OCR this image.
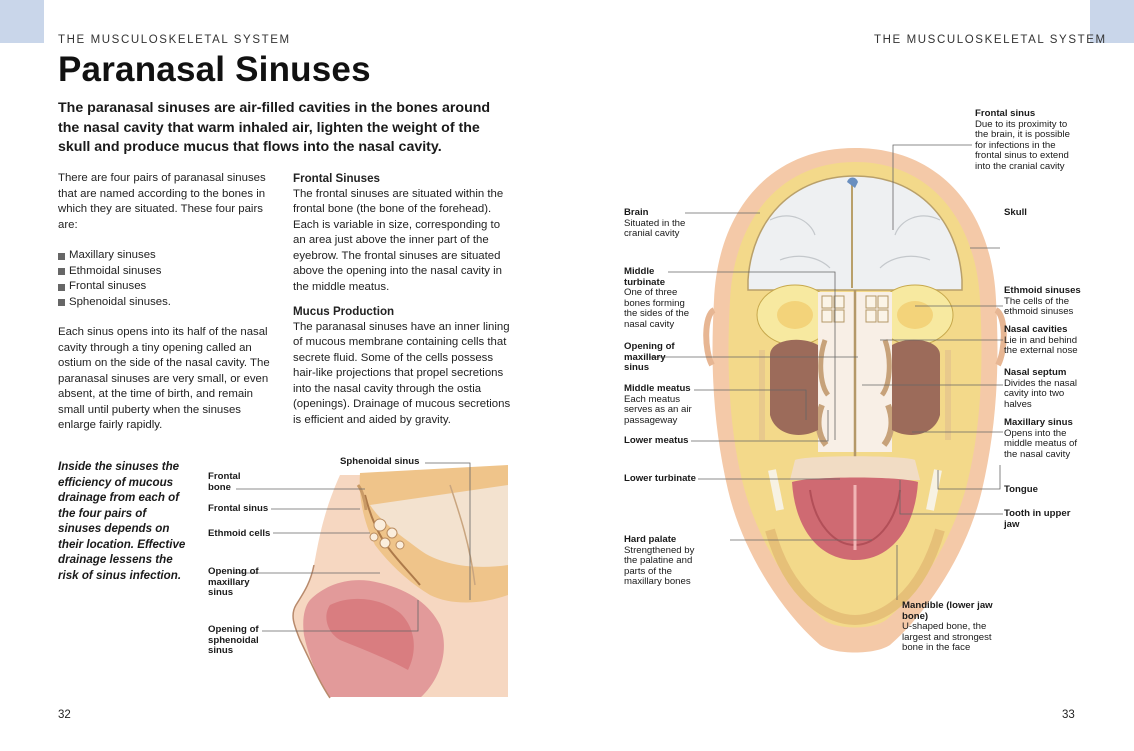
THE MUSCULOSKELETAL SYSTEM	THE MUSCULOSKELETAL SYSTEM
Paranasal Sinuses
The paranasal sinuses are air-filled cavities in the bones around the nasal cavity that warm inhaled air, lighten the weight of the skull and produce mucus that flows into the nasal cavity.

There are four pairs of paranasal sinuses that are named according to the bones in which they are situated. These four pairs are:

Maxillary sinuses
Ethmoidal sinuses
Frontal sinuses
Sphenoidal sinuses.

Each sinus opens into its half of the nasal cavity through a tiny opening called an ostium on the side of the nasal cavity. The paranasal sinuses are very small, or even absent, at the time of birth, and remain small until puberty when the sinuses enlarge fairly rapidly.

Frontal Sinuses

The frontal sinuses are situated within the frontal bone (the bone of the forehead). Each is variable in size, corresponding to an area just above the inner part of the eyebrow. The frontal sinuses are situated above the opening into the nasal cavity in the middle meatus.

Mucus Production

The paranasal sinuses have an inner lining of mucous membrane containing cells that secrete fluid. Some of the cells possess hair-like projections that propel secretions into the nasal cavity through the ostia (openings). Drainage of mucous secretions is efficient and aided by gravity.

Inside the sinuses the efficiency of mucous drainage from each of the four pairs of sinuses depends on their location. Effective drainage lessens the risk of sinus infection.
Sphenoidal sinus
Frontal bone
Frontal sinus
Ethmoid cells
Opening of maxillary sinus
Opening of sphenoidal sinus
Brain
Situated in the cranial cavity
Middle turbinate
One of three bones forming the sides of the nasal cavity
Opening of maxillary sinus
Middle meatus
Each meatus serves as an air passageway
Lower meatus
Lower turbinate
Hard palate
Strengthened by the palatine and parts of the maxillary bones
Frontal sinus
Due to its proximity to the brain, it is possible for infections in the frontal sinus to extend into the cranial cavity
Skull
Ethmoid sinuses
The cells of the ethmoid sinuses
Nasal cavities
Lie in and behind the external nose
Nasal septum
Divides the nasal cavity into two halves
Maxillary sinus
Opens into the middle meatus of the nasal cavity
Tongue
Tooth in upper jaw
Mandible (lower jaw bone)
U-shaped bone, the largest and strongest bone in the face
32	33
